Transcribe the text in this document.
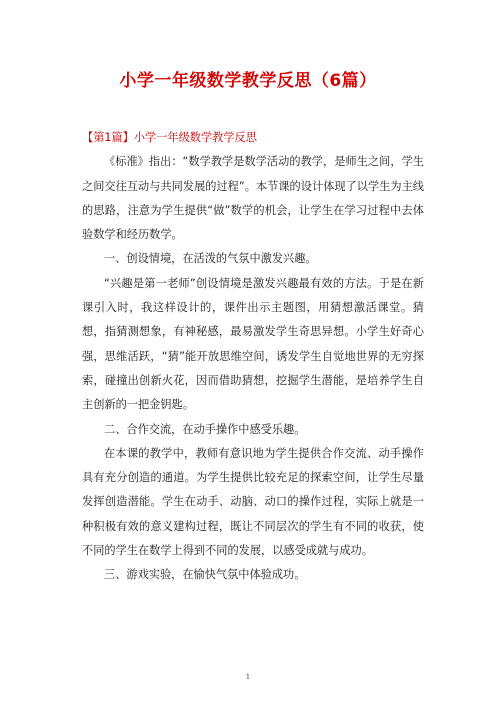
小学一年级数学教学反思（6篇）

【第1篇】小学一年级数学教学反思

《标准》指出：“数学教学是数学活动的教学，是师生之间，学生之间交往互动与共同发展的过程”。本节课的设计体现了以学生为主线的思路，注意为学生提供“做”数学的机会，让学生在学习过程中去体验数学和经历数学。

一、创设情境，在活泼的气氛中激发兴趣。

“兴趣是第一老师”创设情境是激发兴趣最有效的方法。于是在新课引入时，我这样设计的，课件出示主题图，用猜想激活课堂。猜想，指猜测想象，有神秘感，最易激发学生奇思异想。小学生好奇心强，思维活跃，“猜”能开放思维空间，诱发学生自觉地世界的无穷探索，碰撞出创新火花，因而借助猜想，挖掘学生潜能，是培养学生自主创新的一把金钥匙。

二、合作交流，在动手操作中感受乐趣。

在本课的教学中，教师有意识地为学生提供合作交流、动手操作具有充分创造的通道。为学生提供比较充足的探索空间，让学生尽量发挥创造潜能。学生在动手、动脑、动口的操作过程，实际上就是一种积极有效的意义建构过程，既让不同层次的学生有不同的收获，使不同的学生在数学上得到不同的发展，以感受成就与成功。

三、游戏实验，在愉快气氛中体验成功。

1
